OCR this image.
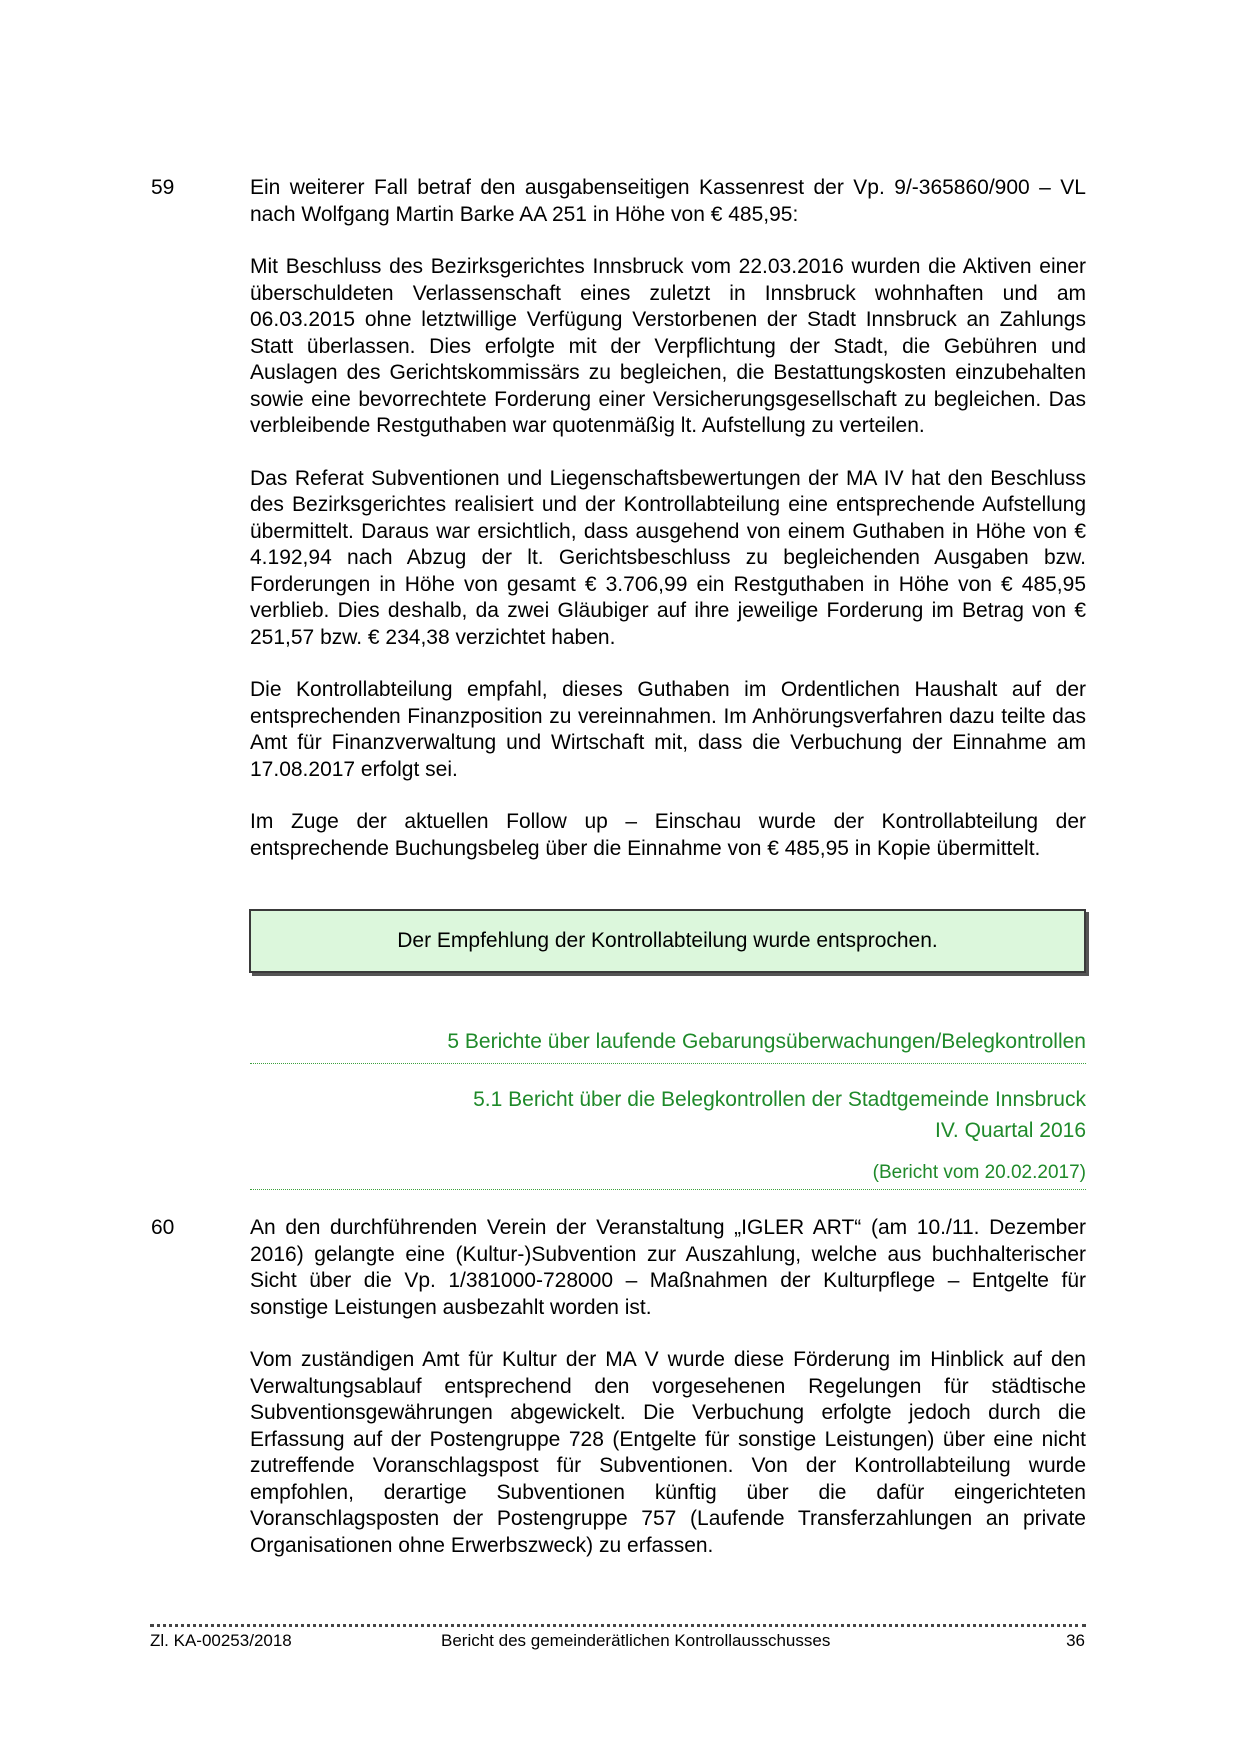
59	Ein weiterer Fall betraf den ausgabenseitigen Kassenrest der Vp. 9/-365860/900 – VL nach Wolfgang Martin Barke AA 251 in Höhe von € 485,95:

Mit Beschluss des Bezirksgerichtes Innsbruck vom 22.03.2016 wurden die Aktiven einer überschuldeten Verlassenschaft eines zuletzt in Innsbruck wohnhaften und am 06.03.2015 ohne letztwillige Verfügung Verstorbenen der Stadt Innsbruck an Zahlungs Statt überlassen. Dies erfolgte mit der Verpflichtung der Stadt, die Gebühren und Auslagen des Gerichtskommissärs zu begleichen, die Bestattungskosten einzubehalten sowie eine bevorrechtete Forderung einer Versicherungsgesellschaft zu begleichen. Das verbleibende Restguthaben war quotenmäßig lt. Aufstellung zu verteilen.

Das Referat Subventionen und Liegenschaftsbewertungen der MA IV hat den Beschluss des Bezirksgerichtes realisiert und der Kontrollabteilung eine entsprechende Aufstellung übermittelt. Daraus war ersichtlich, dass ausgehend von einem Guthaben in Höhe von € 4.192,94 nach Abzug der lt. Gerichtsbeschluss zu begleichenden Ausgaben bzw. Forderungen in Höhe von gesamt € 3.706,99 ein Restguthaben in Höhe von € 485,95 verblieb. Dies deshalb, da zwei Gläubiger auf ihre jeweilige Forderung im Betrag von € 251,57 bzw. € 234,38 verzichtet haben.

Die Kontrollabteilung empfahl, dieses Guthaben im Ordentlichen Haushalt auf der entsprechenden Finanzposition zu vereinnahmen. Im Anhörungsverfahren dazu teilte das Amt für Finanzverwaltung und Wirtschaft mit, dass die Verbuchung der Einnahme am 17.08.2017 erfolgt sei.

Im Zuge der aktuellen Follow up – Einschau wurde der Kontrollabteilung der entsprechende Buchungsbeleg über die Einnahme von € 485,95 in Kopie übermittelt.

Der Empfehlung der Kontrollabteilung wurde entsprochen.
5 Berichte über laufende Gebarungsüberwachungen/Belegkontrollen
5.1 Bericht über die Belegkontrollen der Stadtgemeinde Innsbruck
IV. Quartal 2016
(Bericht vom 20.02.2017)
60	An den durchführenden Verein der Veranstaltung „IGLER ART“ (am 10./11. Dezember 2016) gelangte eine (Kultur-)Subvention zur Auszahlung, welche aus buchhalterischer Sicht über die Vp. 1/381000-728000 – Maßnahmen der Kulturpflege – Entgelte für sonstige Leistungen ausbezahlt worden ist.

Vom zuständigen Amt für Kultur der MA V wurde diese Förderung im Hinblick auf den Verwaltungsablauf entsprechend den vorgesehenen Regelungen für städtische Subventionsgewährungen abgewickelt. Die Verbuchung erfolgte jedoch durch die Erfassung auf der Postengruppe 728 (Entgelte für sonstige Leistungen) über eine nicht zutreffende Voranschlagspost für Subventionen. Von der Kontrollabteilung wurde empfohlen, derartige Subventionen künftig über die dafür eingerichteten Voranschlagsposten der Postengruppe 757 (Laufende Transferzahlungen an private Organisationen ohne Erwerbszweck) zu erfassen.

Zl. KA-00253/2018	Bericht des gemeinderätlichen Kontrollausschusses	36
